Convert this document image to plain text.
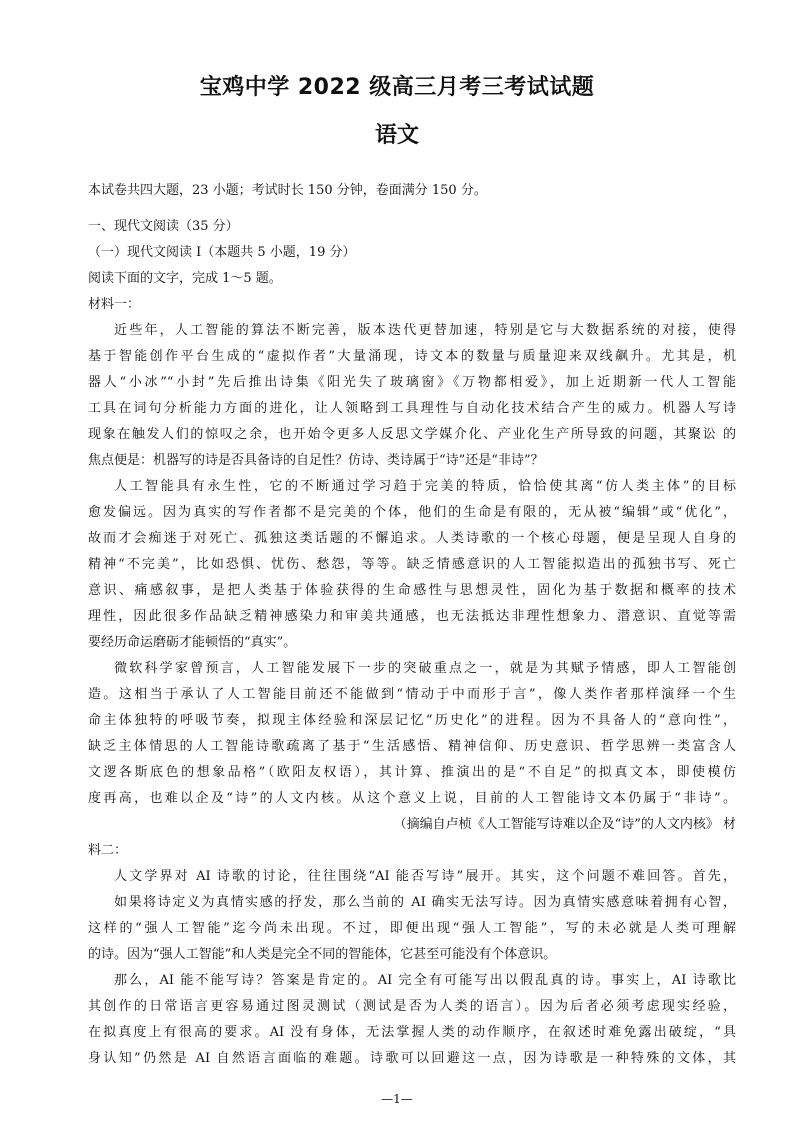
宝鸡中学 2022 级高三月考三考试试题
语文
本试卷共四大题，23 小题；考试时长 150 分钟，卷面满分 150 分。
一、现代文阅读（35 分）
（一）现代文阅读 I（本题共 5 小题，19 分）
阅读下面的文字，完成 1～5 题。
材料一：
近些年，人工智能的算法不断完善，版本迭代更替加速，特别是它与大数据系统的对接，使得
基于智能创作平台生成的“虚拟作者”大量涌现，诗文本的数量与质量迎来双线飙升。尤其是，机
器人“小冰”“小封”先后推出诗集《阳光失了玻璃窗》《万物都相爱》，加上近期新一代人工智能
工具在词句分析能力方面的进化，让人领略到工具理性与自动化技术结合产生的威力。机器人写诗
现象在触发人们的惊叹之余，也开始令更多人反思文学媒介化、产业化生产所导致的问题，其聚讼 的
焦点便是：机器写的诗是否具备诗的自足性？仿诗、类诗属于“诗”还是“非诗”？
人工智能具有永生性，它的不断通过学习趋于完美的特质，恰恰使其离“仿人类主体”的目标
愈发偏远。因为真实的写作者都不是完美的个体，他们的生命是有限的，无从被“编辑”或“优化”，
故而才会痴迷于对死亡、孤独这类话题的不懈追求。人类诗歌的一个核心母题，便是呈现人自身的
精神“不完美”，比如恐惧、忧伤、愁怨，等等。缺乏情感意识的人工智能拟造出的孤独书写、死亡
意识、痛感叙事，是把人类基于体验获得的生命感性与思想灵性，固化为基于数据和概率的技术
理性，因此很多作品缺乏精神感染力和审美共通感，也无法抵达非理性想象力、潜意识、直觉等需
要经历命运磨砺才能顿悟的“真实”。
微软科学家曾预言，人工智能发展下一步的突破重点之一，就是为其赋予情感，即人工智能创
造。这相当于承认了人工智能目前还不能做到“情动于中而形于言”，像人类作者那样演绎一个生
命主体独特的呼吸节奏，拟现主体经验和深层记忆“历史化”的进程。因为不具备人的“意向性”，
缺乏主体情思的人工智能诗歌疏离了基于“生活感悟、精神信仰、历史意识、哲学思辨一类富含人
文逻各斯底色的想象品格”（欧阳友权语），其计算、推演出的是“不自足”的拟真文本，即使模仿
度再高，也难以企及“诗”的人文内核。从这个意义上说，目前的人工智能诗文本仍属于“非诗”。
（摘编自卢桢《人工智能写诗难以企及“诗”的人文内核》 材
料二：
人文学界对 AI 诗歌的讨论，往往围绕“AI 能否写诗”展开。其实，这个问题不难回答。首先，
如果将诗定义为真情实感的抒发，那么当前的 AI 确实无法写诗。因为真情实感意味着拥有心智，
这样的“强人工智能”迄今尚未出现。不过，即便出现“强人工智能”，写的未必就是人类可理解
的诗。因为“强人工智能”和人类是完全不同的智能体，它甚至可能没有个体意识。
那么，AI 能不能写诗？答案是肯定的。AI 完全有可能写出以假乱真的诗。事实上，AI 诗歌比
其创作的日常语言更容易通过图灵测试（测试是否为人类的语言）。因为后者必须考虑现实经验，
在拟真度上有很高的要求。AI 没有身体，无法掌握人类的动作顺序，在叙述时难免露出破绽，“具
身认知”仍然是 AI 自然语言面临的难题。诗歌可以回避这一点，因为诗歌是一种特殊的文体，其
—1—
